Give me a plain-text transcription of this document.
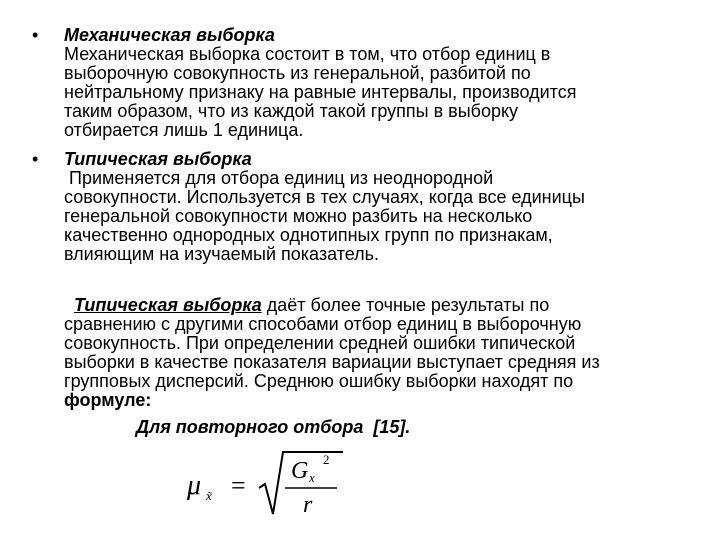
• Механическая выборка
Механическая выборка состоит в том, что отбор единиц в
выборочную совокупность из генеральной, разбитой по
нейтральному признаку на равные интервалы, производится
таким образом, что из каждой такой группы в выборку
отбирается лишь 1 единица.
• Типическая выборка
Применяется для отбора единиц из неоднородной
совокупности. Используется в тех случаях, когда все единицы
генеральной совокупности можно разбить на несколько
качественно однородных однотипных групп по признакам,
влияющим на изучаемый показатель.
Типическая выборка даёт более точные результаты по
сравнению с другими способами отбор единиц в выборочную
совокупность. При определении средней ошибки типической
выборки в качестве показателя вариации выступает средняя из
групповых дисперсий. Среднюю ошибку выборки находят по
формуле:
Для повторного отбора  [15].
μ x̃ = G x
2
r
